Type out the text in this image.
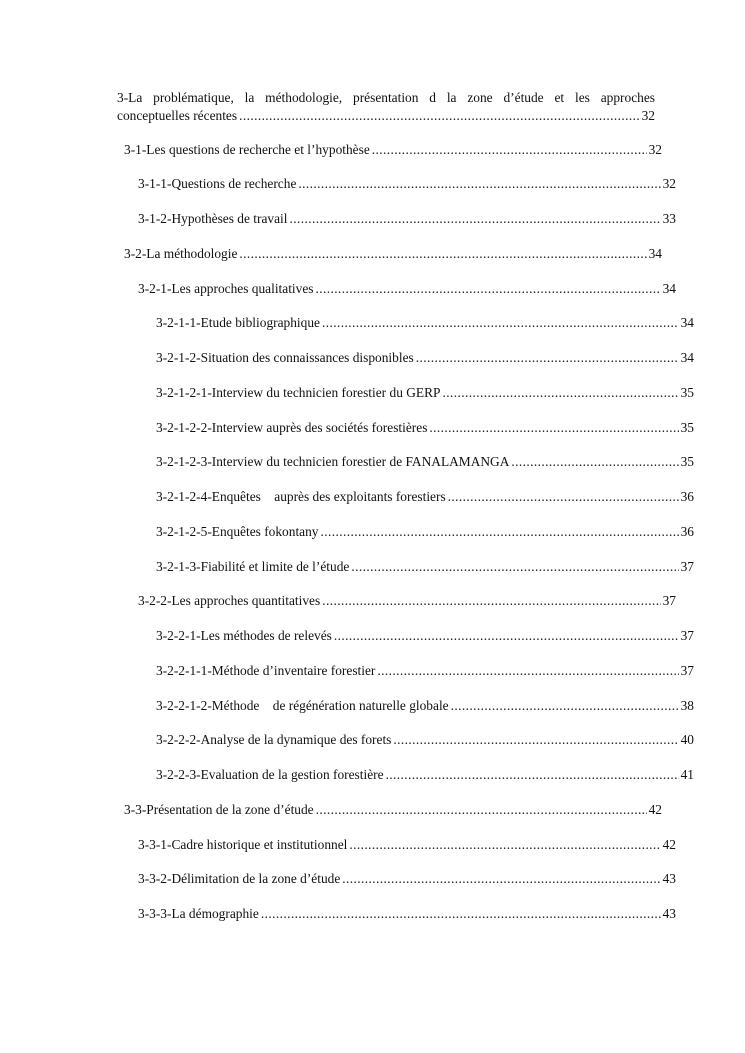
3-La problématique, la méthodologie, présentation d la zone d’étude et les approches
conceptuelles récentes .....	32
3-1-Les questions de recherche et l’hypothèse .....	32
3-1-1-Questions de recherche .....	32
3-1-2-Hypothèses de travail .....	33
3-2-La méthodologie .....	34
3-2-1-Les approches qualitatives .....	34
3-2-1-1-Etude bibliographique .....	34
3-2-1-2-Situation des connaissances disponibles .....	34
3-2-1-2-1-Interview du technicien forestier du GERP .....	35
3-2-1-2-2-Interview auprès des sociétés forestières .....	35
3-2-1-2-3-Interview du technicien forestier de FANALAMANGA .....	35
3-2-1-2-4-Enquêtes    auprès des exploitants forestiers .....	36
3-2-1-2-5-Enquêtes fokontany .....	36
3-2-1-3-Fiabilité et limite de l’étude .....	37
3-2-2-Les approches quantitatives .....	37
3-2-2-1-Les méthodes de relevés .....	37
3-2-2-1-1-Méthode d’inventaire forestier .....	37
3-2-2-1-2-Méthode    de régénération naturelle globale .....	38
3-2-2-2-Analyse de la dynamique des forets .....	40
3-2-2-3-Evaluation de la gestion forestière .....	41
3-3-Présentation de la zone d’étude .....	42
3-3-1-Cadre historique et institutionnel .....	42
3-3-2-Délimitation de la zone d’étude .....	43
3-3-3-La démographie .....	43
